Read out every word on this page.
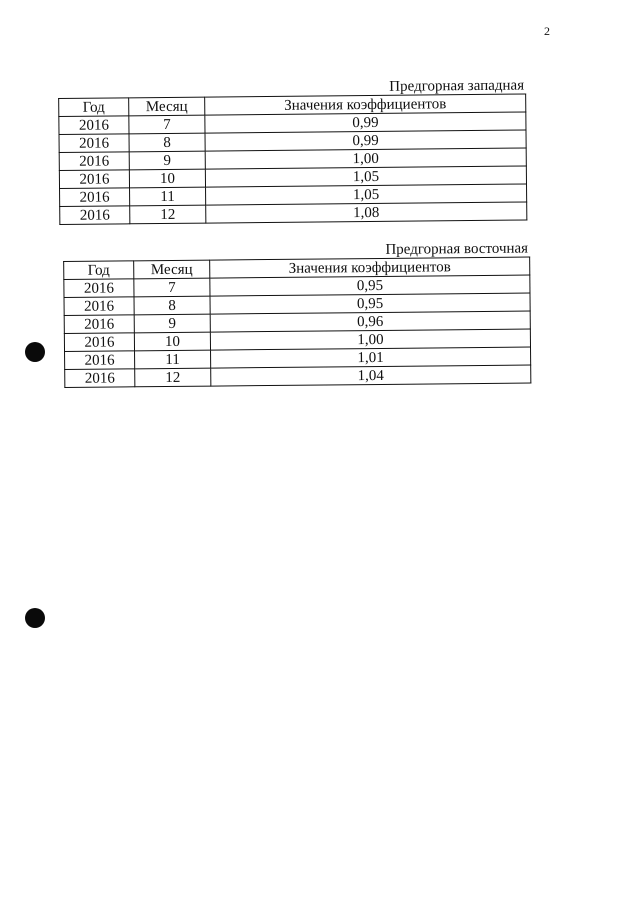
2
Предгорная западная
Год	Месяц	Значения коэффициентов
2016	7	0,99
2016	8	0,99
2016	9	1,00
2016	10	1,05
2016	11	1,05
2016	12	1,08
Предгорная восточная
Год	Месяц	Значения коэффициентов
2016	7	0,95
2016	8	0,95
2016	9	0,96
2016	10	1,00
2016	11	1,01
2016	12	1,04
